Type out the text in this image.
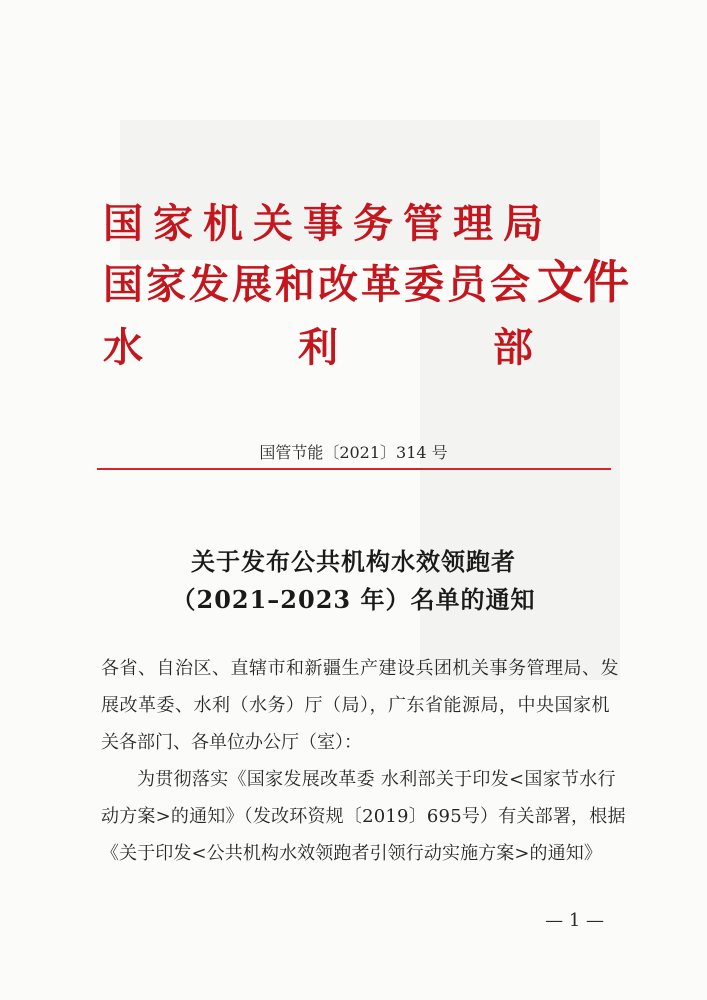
国家机关事务管理局
国家发展和改革委员会文件
水	利	部
国管节能〔2021〕314 号
关于发布公共机构水效领跑者
（2021–2023 年）名单的通知
各省、自治区、直辖市和新疆生产建设兵团机关事务管理局、发
展改革委、水利（水务）厅（局），广东省能源局，中央国家机
关各部门、各单位办公厅（室）：
为贯彻落实《国家发展改革委 水利部关于印发<国家节水行
动方案>的通知》（发改环资规〔2019〕695号）有关部署，根据
《关于印发<公共机构水效领跑者引领行动实施方案>的通知》
— 1 —
